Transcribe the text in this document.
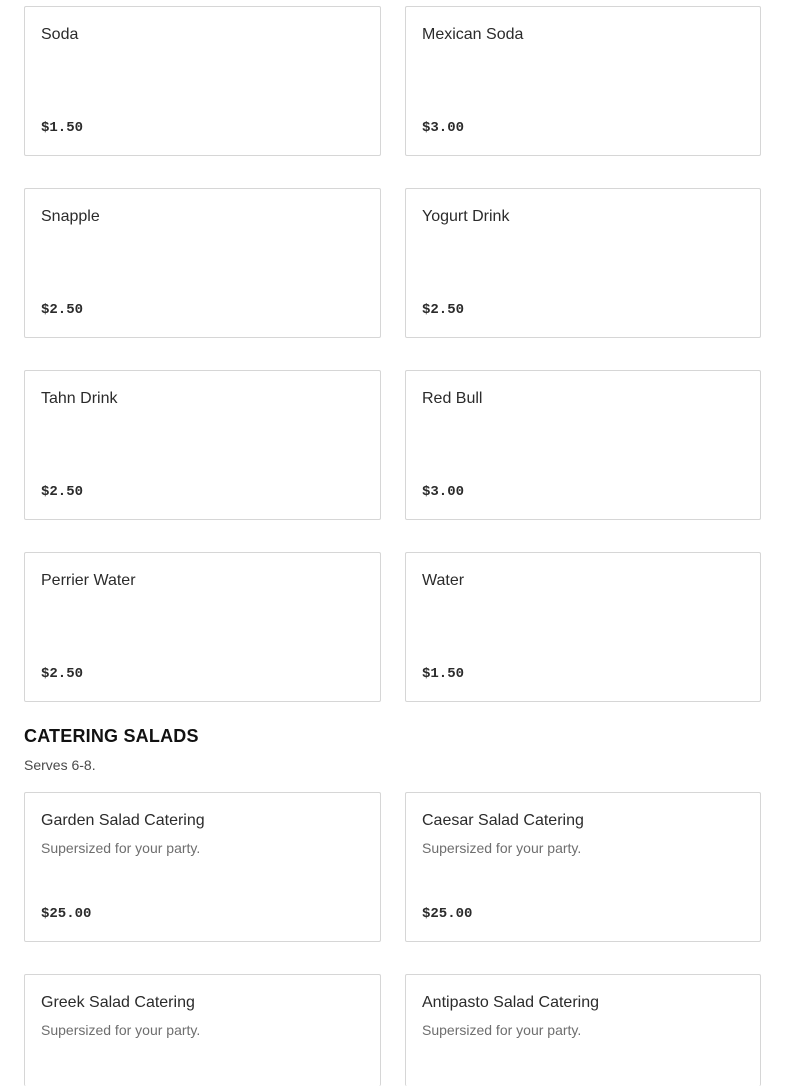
Soda
$1.50
Mexican Soda
$3.00
Snapple
$2.50
Yogurt Drink
$2.50
Tahn Drink
$2.50
Red Bull
$3.00
Perrier Water
$2.50
Water
$1.50
CATERING SALADS

Serves 6-8.

Garden Salad Catering
Supersized for your party.
$25.00
Caesar Salad Catering
Supersized for your party.
$25.00
Greek Salad Catering
Supersized for your party.
Antipasto Salad Catering
Supersized for your party.
